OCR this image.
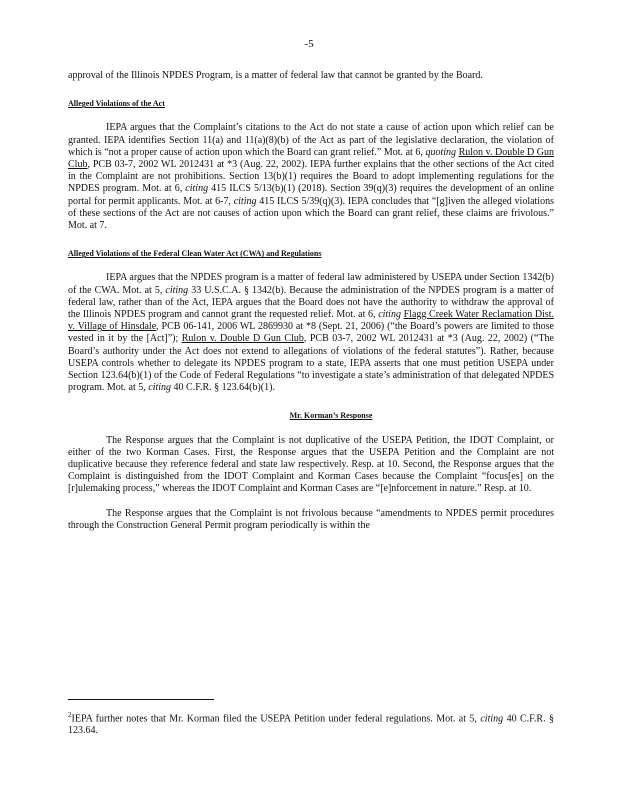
-5

approval of the Illinois NPDES Program, is a matter of federal law that cannot be granted by the Board.

Alleged Violations of the Act

IEPA argues that the Complaint’s citations to the Act do not state a cause of action upon which relief can be granted. IEPA identifies Section 11(a) and 11(a)(8)(b) of the Act as part of the legislative declaration, the violation of which is “not a proper cause of action upon which the Board can grant relief.” Mot. at 6, quoting Rulon v. Double D Gun Club, PCB 03-7, 2002 WL 2012431 at *3 (Aug. 22, 2002). IEPA further explains that the other sections of the Act cited in the Complaint are not prohibitions. Section 13(b)(1) requires the Board to adopt implementing regulations for the NPDES program. Mot. at 6, citing 415 ILCS 5/13(b)(1) (2018). Section 39(q)(3) requires the development of an online portal for permit applicants. Mot. at 6-7, citing 415 ILCS 5/39(q)(3). IEPA concludes that “[g]iven the alleged violations of these sections of the Act are not causes of action upon which the Board can grant relief, these claims are frivolous.” Mot. at 7.

Alleged Violations of the Federal Clean Water Act (CWA) and Regulations

IEPA argues that the NPDES program is a matter of federal law administered by USEPA under Section 1342(b) of the CWA. Mot. at 5, citing 33 U.S.C.A. § 1342(b). Because the administration of the NPDES program is a matter of federal law, rather than of the Act, IEPA argues that the Board does not have the authority to withdraw the approval of the Illinois NPDES program and cannot grant the requested relief. Mot. at 6, citing Flagg Creek Water Reclamation Dist. v. Village of Hinsdale, PCB 06-141, 2006 WL 2869930 at *8 (Sept. 21, 2006) (“the Board’s powers are limited to those vested in it by the [Act]”); Rulon v. Double D Gun Club, PCB 03-7, 2002 WL 2012431 at *3 (Aug. 22, 2002) (“The Board’s authority under the Act does not extend to allegations of violations of the federal statutes”). Rather, because USEPA controls whether to delegate its NPDES program to a state, IEPA asserts that one must petition USEPA under Section 123.64(b)(1) of the Code of Federal Regulations “to investigate a state’s administration of that delegated NPDES program. Mot. at 5, citing 40 C.F.R. § 123.64(b)(1).

Mr. Korman’s Response

The Response argues that the Complaint is not duplicative of the USEPA Petition, the IDOT Complaint, or either of the two Korman Cases. First, the Response argues that the USEPA Petition and the Complaint are not duplicative because they reference federal and state law respectively. Resp. at 10. Second, the Response argues that the Complaint is distinguished from the IDOT Complaint and Korman Cases because the Complaint “focus[es] on the [r]ulemaking process,” whereas the IDOT Complaint and Korman Cases are “[e]nforcement in nature.” Resp. at 10.

The Response argues that the Complaint is not frivolous because “amendments to NPDES permit procedures through the Construction General Permit program periodically is within the

$^2$IEPA further notes that Mr. Korman filed the USEPA Petition under federal regulations. Mot. at 5, citing 40 C.F.R. § 123.64.
